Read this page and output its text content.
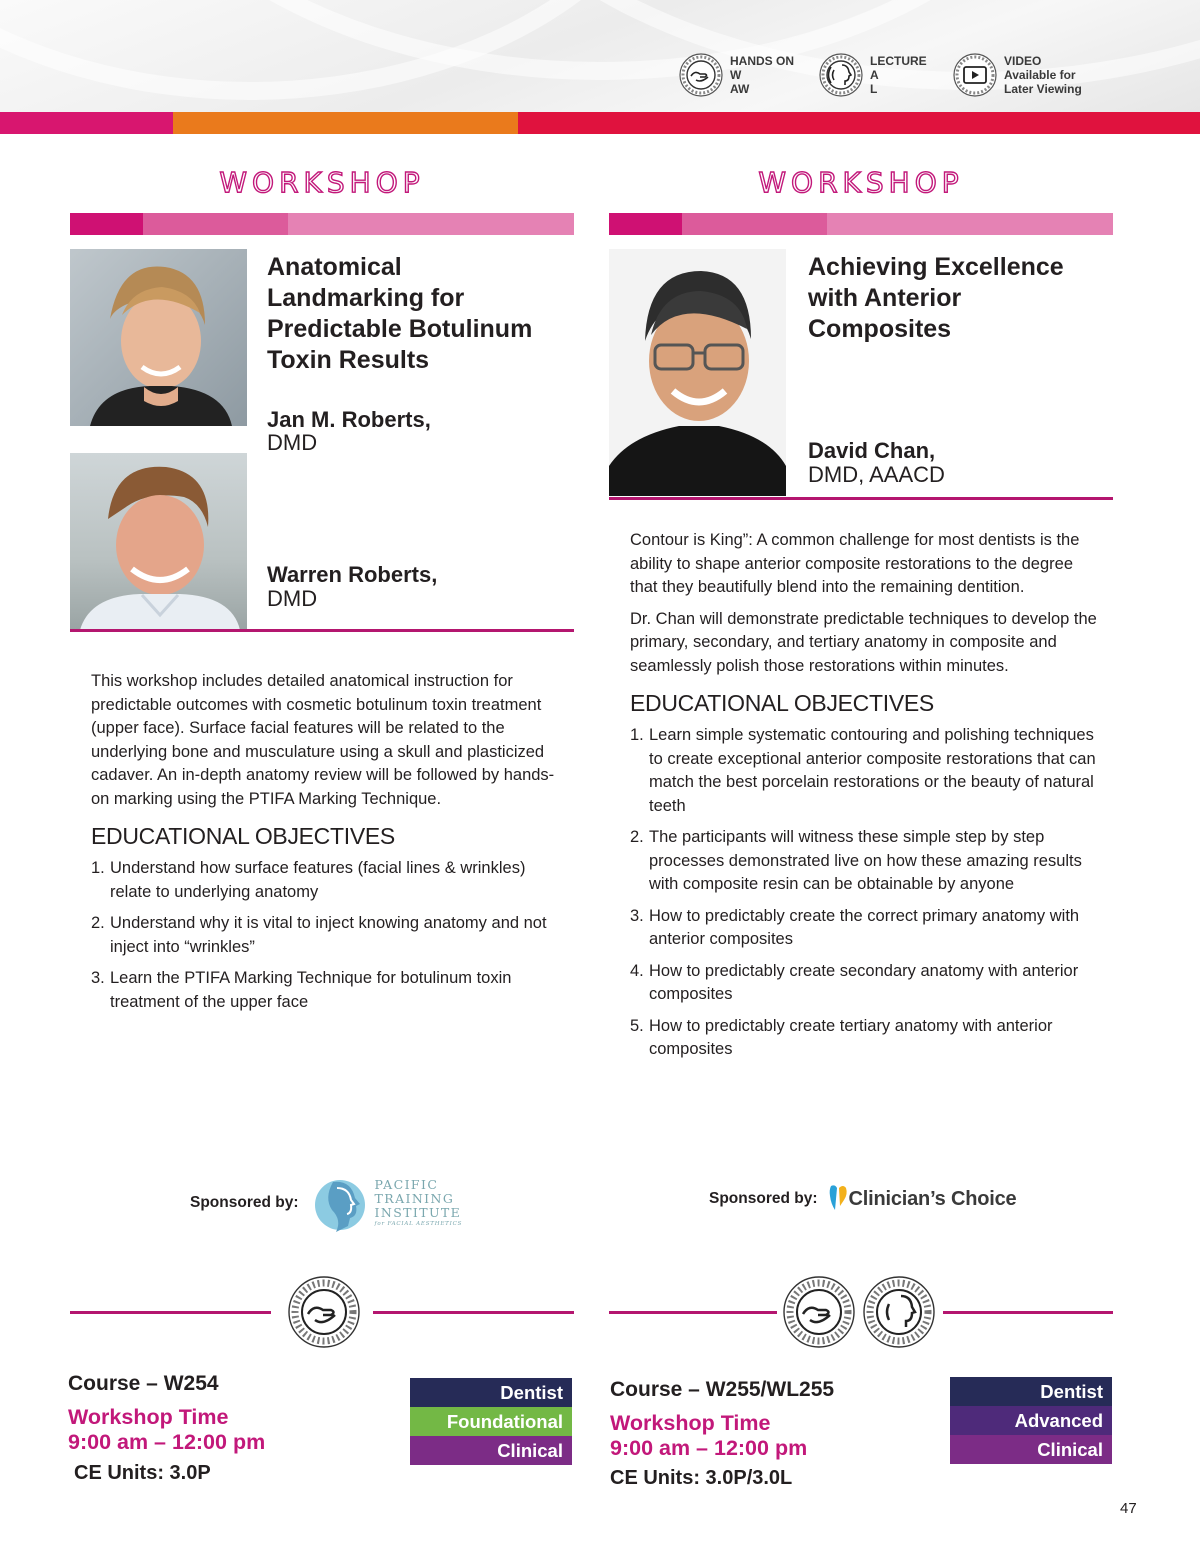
HANDS ON
W
AW
LECTURE
A
L
VIDEO
Available for
Later Viewing
WORKSHOP
Anatomical
Landmarking for
Predictable Botulinum
Toxin Results
Jan M. Roberts,
DMD
Warren Roberts,
DMD

This workshop includes detailed anatomical instruction for predictable outcomes with cosmetic botulinum toxin treatment (upper face). Surface facial features will be related to the underlying bone and musculature using a skull and plasticized cadaver. An in-depth anatomy review will be followed by hands-on marking using the PTIFA Marking Technique.

EDUCATIONAL OBJECTIVES
1. Understand how surface features (facial lines & wrinkles) relate to underlying anatomy
2. Understand why it is vital to inject knowing anatomy and not inject into “wrinkles”
3. Learn the PTIFA Marking Technique for botulinum toxin treatment of the upper face
Sponsored by:
PACIFIC
TRAINING
INSTITUTE
for FACIAL AESTHETICS
Course – W254
Workshop Time
9:00 am – 12:00 pm
CE Units: 3.0P
Dentist
Foundational
Clinical
WORKSHOP
Achieving Excellence
with Anterior
Composites
David Chan,
DMD, AAACD

Contour is King”: A common challenge for most dentists is the ability to shape anterior composite restorations to the degree that they beautifully blend into the remaining dentition.

Dr. Chan will demonstrate predictable techniques to develop the primary, secondary, and tertiary anatomy in composite and seamlessly polish those restorations within minutes.

EDUCATIONAL OBJECTIVES
1. Learn simple systematic contouring and polishing techniques to create exceptional anterior composite restorations that can match the best porcelain restorations or the beauty of natural teeth
2. The participants will witness these simple step by step processes demonstrated live on how these amazing results with composite resin can be obtainable by anyone
3. How to predictably create the correct primary anatomy with anterior composites
4. How to predictably create secondary anatomy with anterior composites
5. How to predictably create tertiary anatomy with anterior composites
Sponsored by: Clinician’s Choice
Course – W255/WL255
Workshop Time
9:00 am – 12:00 pm
CE Units: 3.0P/3.0L
Dentist
Advanced
Clinical
47
